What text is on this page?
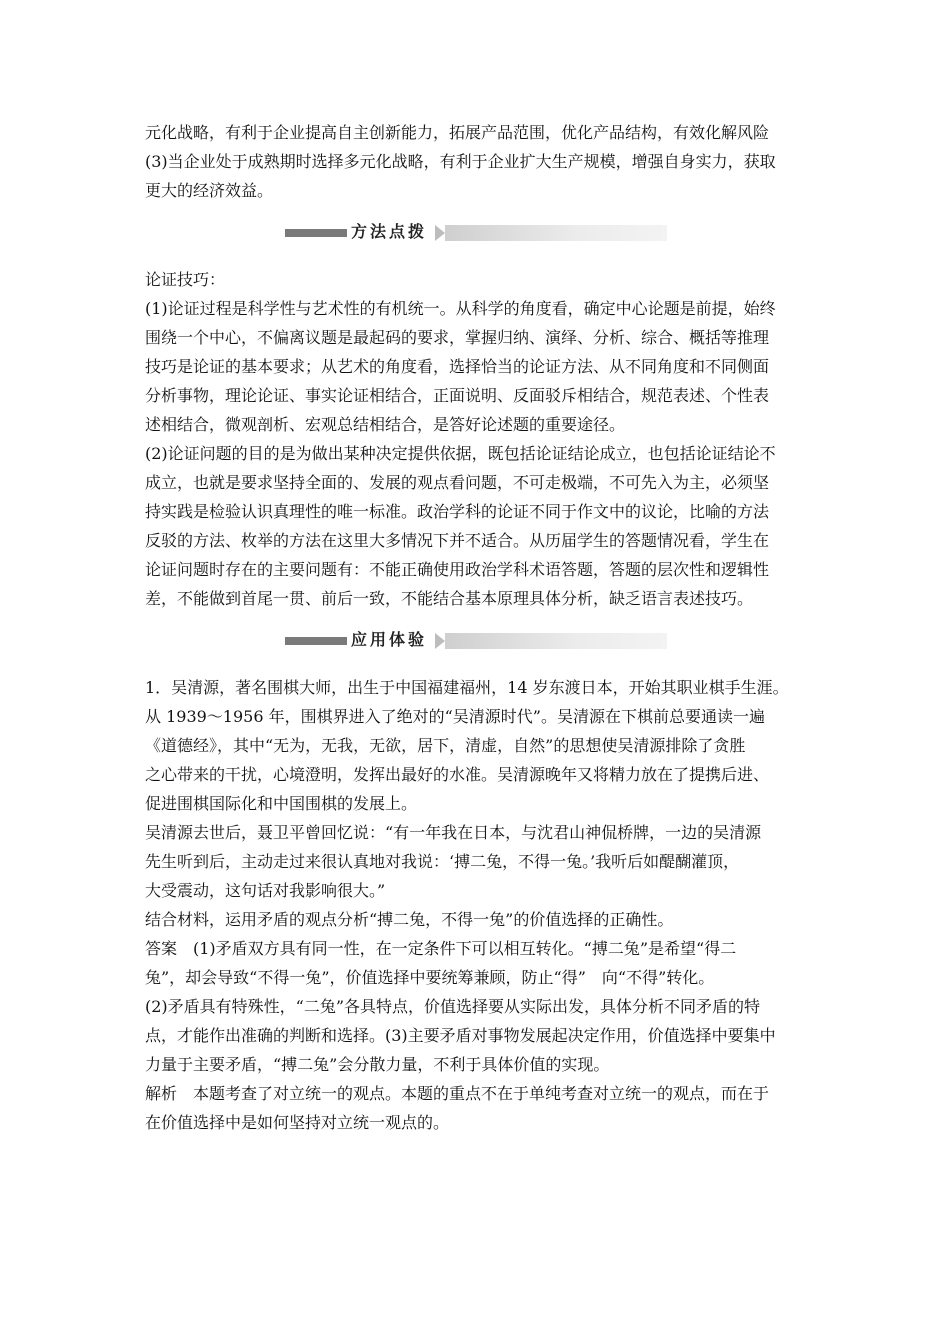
元化战略，有利于企业提高自主创新能力，拓展产品范围，优化产品结构，有效化解风险

(3)当企业处于成熟期时选择多元化战略，有利于企业扩大生产规模，增强自身实力，获取

更大的经济效益。

方法点拨

论证技巧：

(1)论证过程是科学性与艺术性的有机统一。从科学的角度看，确定中心论题是前提，始终

围绕一个中心，不偏离议题是最起码的要求，掌握归纳、演绎、分析、综合、概括等推理

技巧是论证的基本要求；从艺术的角度看，选择恰当的论证方法、从不同角度和不同侧面

分析事物，理论论证、事实论证相结合，正面说明、反面驳斥相结合，规范表述、个性表

述相结合，微观剖析、宏观总结相结合，是答好论述题的重要途径。

(2)论证问题的目的是为做出某种决定提供依据，既包括论证结论成立，也包括论证结论不

成立，也就是要求坚持全面的、发展的观点看问题，不可走极端，不可先入为主，必须坚

持实践是检验认识真理性的唯一标准。政治学科的论证不同于作文中的议论，比喻的方法

反驳的方法、枚举的方法在这里大多情况下并不适合。从历届学生的答题情况看，学生在

论证问题时存在的主要问题有：不能正确使用政治学科术语答题，答题的层次性和逻辑性

差，不能做到首尾一贯、前后一致，不能结合基本原理具体分析，缺乏语言表述技巧。

应用体验

1．吴清源，著名围棋大师，出生于中国福建福州，14 岁东渡日本，开始其职业棋手生涯。

从 1939～1956 年，围棋界进入了绝对的“吴清源时代”。吴清源在下棋前总要通读一遍

《道德经》，其中“无为，无我，无欲，居下，清虚，自然”的思想使吴清源排除了贪胜

之心带来的干扰，心境澄明，发挥出最好的水准。吴清源晚年又将精力放在了提携后进、

促进围棋国际化和中国围棋的发展上。

吴清源去世后，聂卫平曾回忆说：“有一年我在日本，与沈君山神侃桥牌，一边的吴清源

先生听到后，主动走过来很认真地对我说：‘搏二兔，不得一兔。’我听后如醍醐灌顶，

大受震动，这句话对我影响很大。”

结合材料，运用矛盾的观点分析“搏二兔，不得一兔”的价值选择的正确性。

答案　(1)矛盾双方具有同一性，在一定条件下可以相互转化。“搏二兔”是希望“得二

兔”，却会导致“不得一兔”，价值选择中要统筹兼顾，防止“得”　向“不得”转化。

(2)矛盾具有特殊性，“二兔”各具特点，价值选择要从实际出发，具体分析不同矛盾的特

点，才能作出准确的判断和选择。(3)主要矛盾对事物发展起决定作用，价值选择中要集中

力量于主要矛盾，“搏二兔”会分散力量，不利于具体价值的实现。

解析　本题考查了对立统一的观点。本题的重点不在于单纯考查对立统一的观点，而在于

在价值选择中是如何坚持对立统一观点的。
